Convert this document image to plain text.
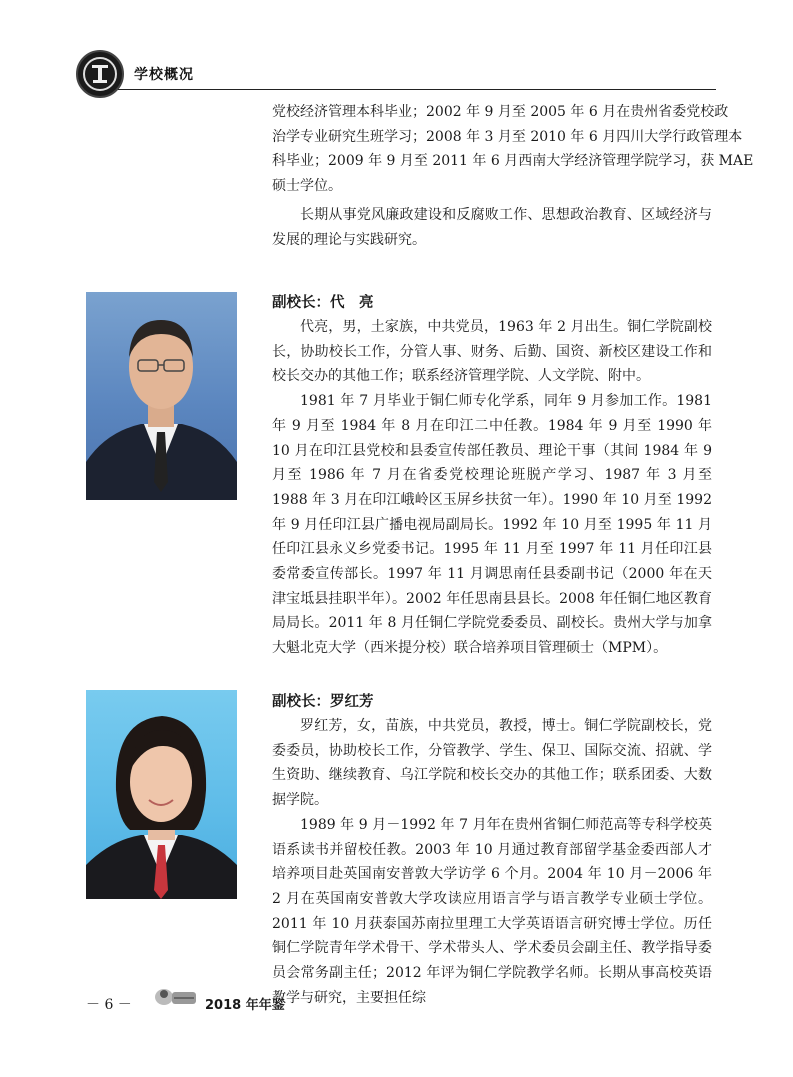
学校概况

党校经济管理本科毕业；2002 年 9 月至 2005 年 6 月在贵州省委党校政

治学专业研究生班学习；2008 年 3 月至 2010 年 6 月四川大学行政管理本

科毕业；2009 年 9 月至 2011 年 6 月西南大学经济管理学院学习，获 MAE

硕士学位。

长期从事党风廉政建设和反腐败工作、思想政治教育、区域经济与发展的理论与实践研究。

副校长：代　亮

代亮，男，土家族，中共党员，1963 年 2 月出生。铜仁学院副校长，协助校长工作，分管人事、财务、后勤、国资、新校区建设工作和校长交办的其他工作；联系经济管理学院、人文学院、附中。

1981 年 7 月毕业于铜仁师专化学系，同年 9 月参加工作。1981 年 9 月至 1984 年 8 月在印江二中任教。1984 年 9 月至 1990 年 10 月在印江县党校和县委宣传部任教员、理论干事（其间 1984 年 9 月至 1986 年 7 月在省委党校理论班脱产学习、1987 年 3 月至 1988 年 3 月在印江峨岭区玉屏乡扶贫一年）。1990 年 10 月至 1992 年 9 月任印江县广播电视局副局长。1992 年 10 月至 1995 年 11 月任印江县永义乡党委书记。1995 年 11 月至 1997 年 11 月任印江县委常委宣传部长。1997 年 11 月调思南任县委副书记（2000 年在天津宝坻县挂职半年）。2002 年任思南县县长。2008 年任铜仁地区教育局局长。2011 年 8 月任铜仁学院党委委员、副校长。贵州大学与加拿大魁北克大学（西米提分校）联合培养项目管理硕士（MPM）。

副校长：罗红芳

罗红芳，女，苗族，中共党员，教授，博士。铜仁学院副校长，党委委员，协助校长工作，分管教学、学生、保卫、国际交流、招就、学生资助、继续教育、乌江学院和校长交办的其他工作；联系团委、大数据学院。

1989 年 9 月－1992 年 7 月年在贵州省铜仁师范高等专科学校英语系读书并留校任教。2003 年 10 月通过教育部留学基金委西部人才培养项目赴英国南安普敦大学访学 6 个月。2004 年 10 月－2006 年 2 月在英国南安普敦大学攻读应用语言学与语言教学专业硕士学位。2011 年 10 月获泰国苏南拉里理工大学英语语言研究博士学位。历任铜仁学院青年学术骨干、学术带头人、学术委员会副主任、教学指导委员会常务副主任；2012 年评为铜仁学院教学名师。长期从事高校英语教学与研究，主要担任综

－ 6 －	2018 年年鉴
